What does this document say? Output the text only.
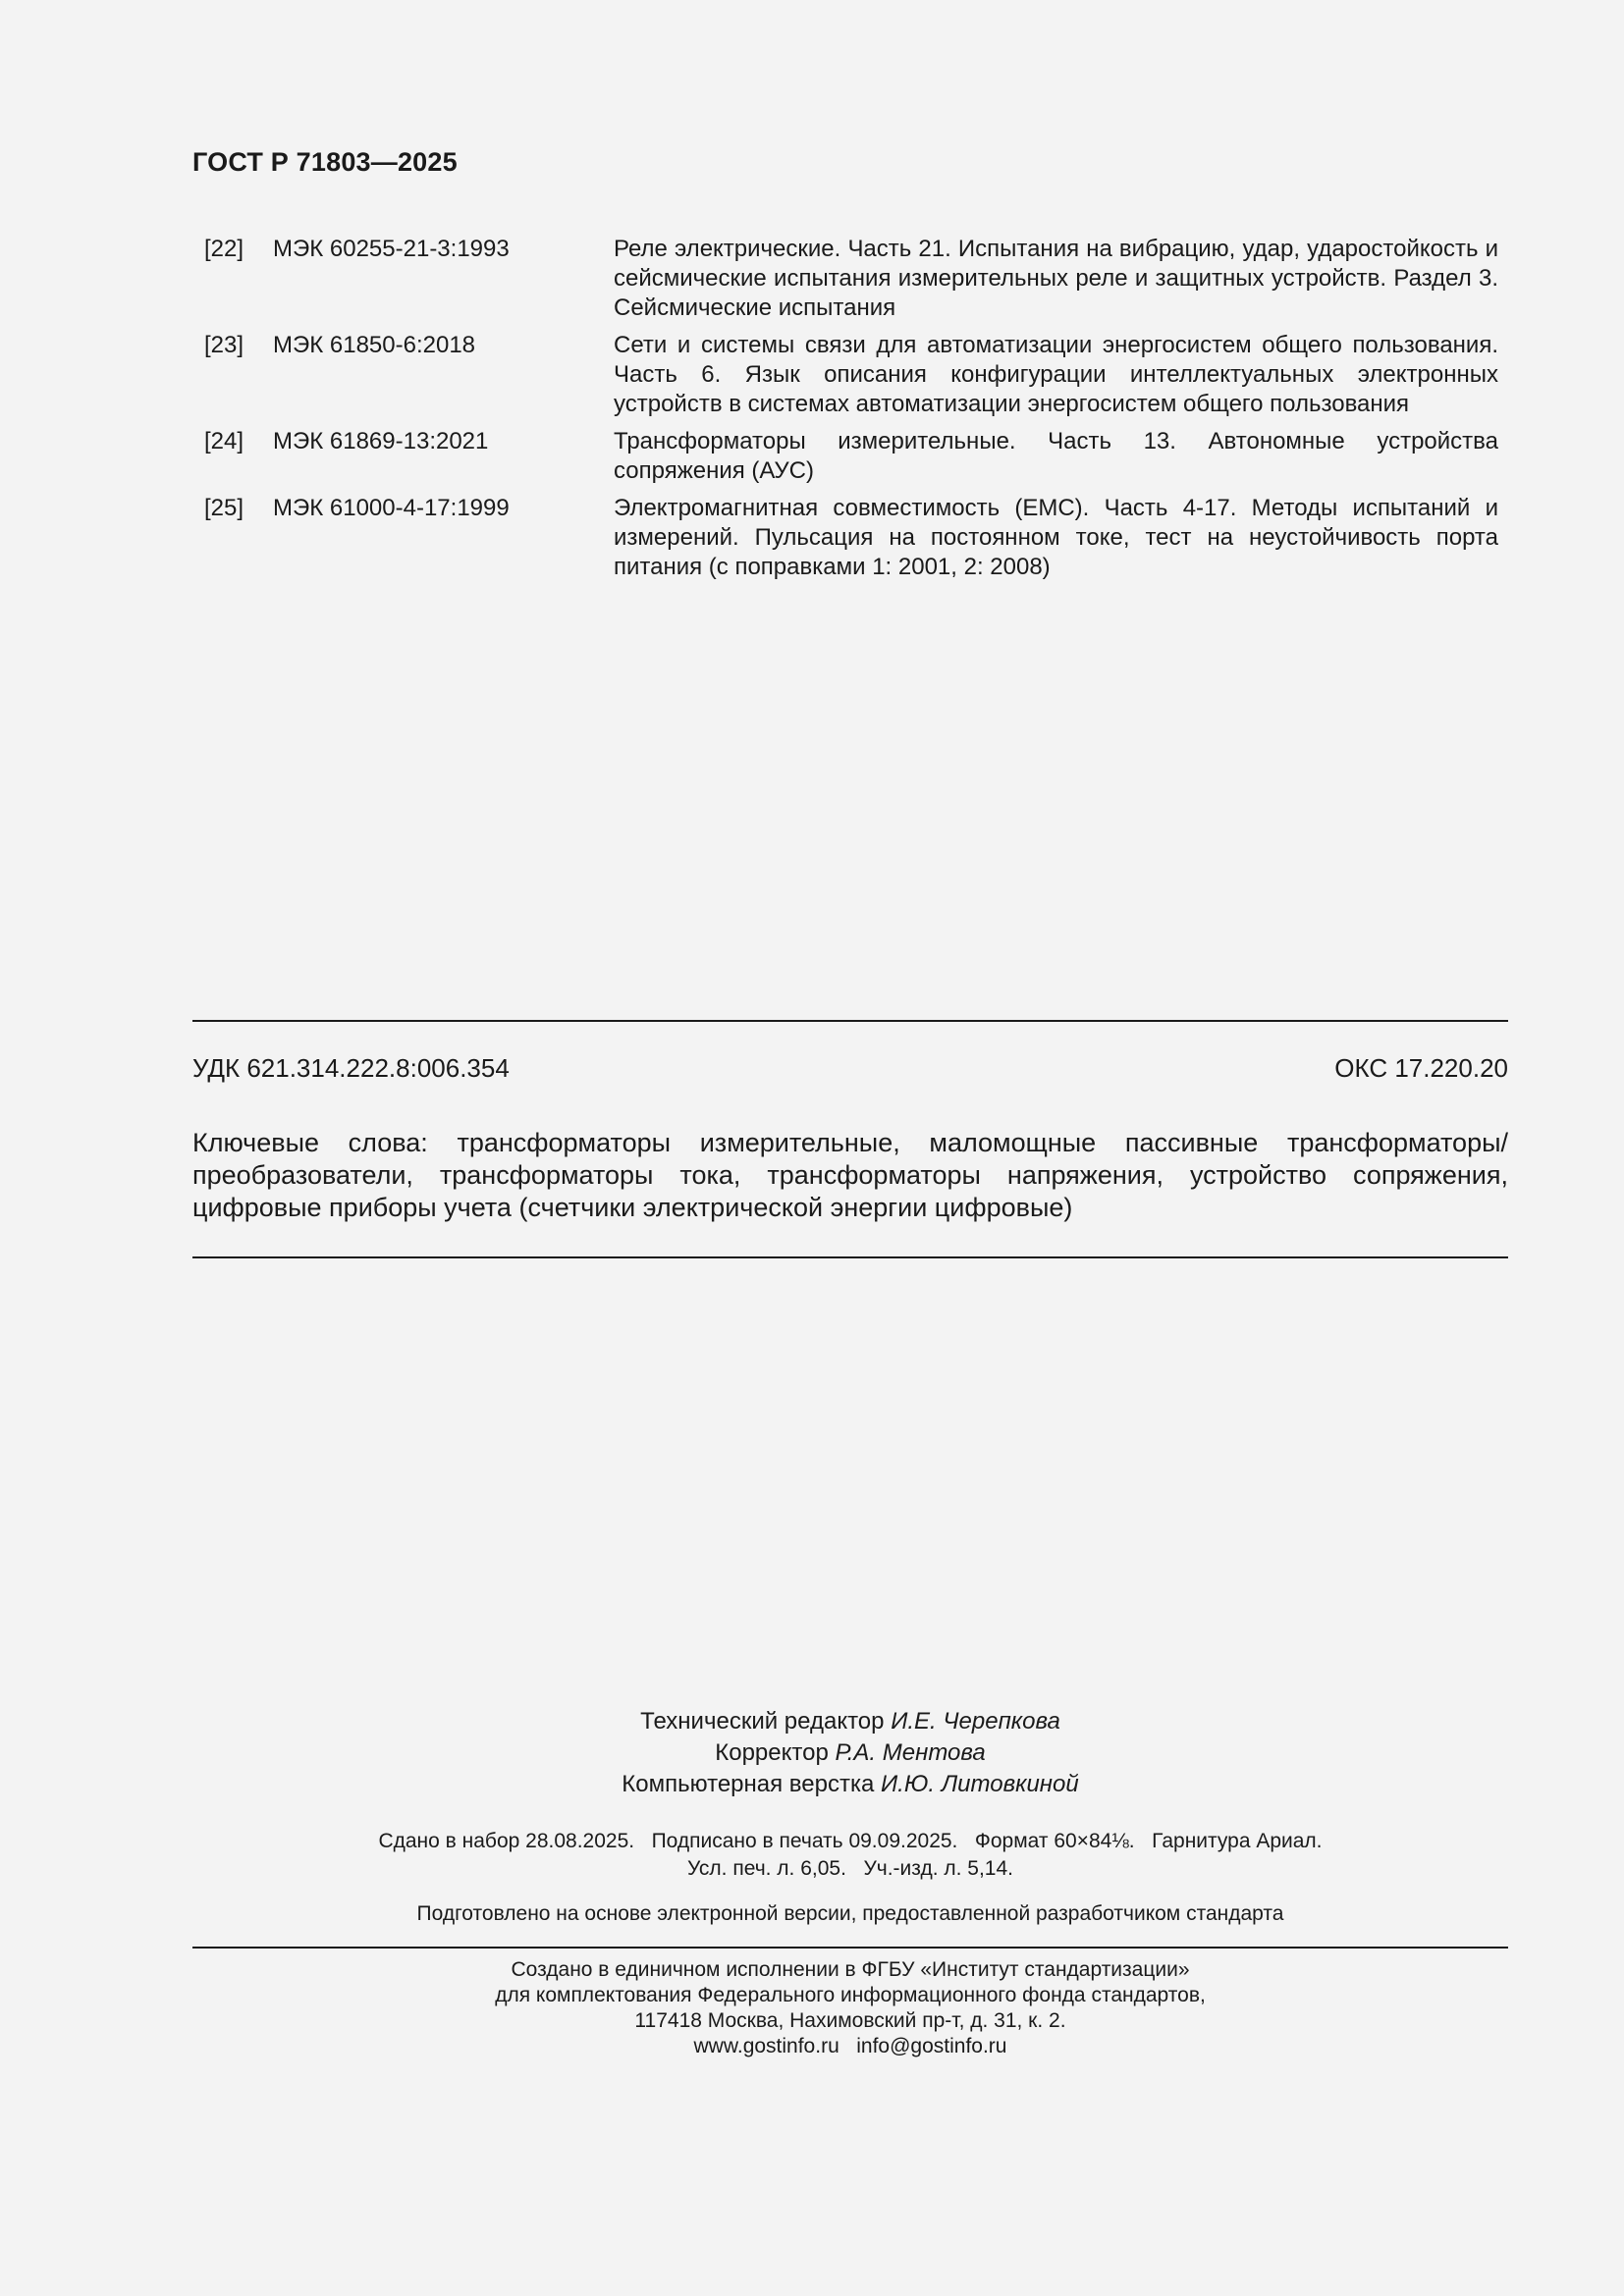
ГОСТ Р 71803—2025
[22] МЭК 60255-21-3:1993	Реле электрические. Часть 21. Испытания на вибрацию, удар, ударостойкость и сейсмические испытания измерительных реле и защитных устройств. Раздел 3. Сейсмические испытания
[23] МЭК 61850-6:2018	Сети и системы связи для автоматизации энергосистем общего пользования. Часть 6. Язык описания конфигурации интеллектуальных электронных устройств в системах автоматизации энергосистем общего пользования
[24] МЭК 61869-13:2021	Трансформаторы измерительные. Часть 13. Автономные устройства сопряжения (АУС)
[25] МЭК 61000-4-17:1999	Электромагнитная совместимость (ЕМС). Часть 4-17. Методы испытаний и измерений. Пульсация на постоянном токе, тест на неустойчивость порта питания (с поправками 1: 2001, 2: 2008)
УДК 621.314.222.8:006.354	ОКС 17.220.20
Ключевые слова: трансформаторы измерительные, маломощные пассивные трансформаторы/преобразователи, трансформаторы тока, трансформаторы напряжения, устройство сопряжения, цифровые приборы учета (счетчики электрической энергии цифровые)
Технический редактор И.Е. Черепкова
Корректор Р.А. Ментова
Компьютерная верстка И.Ю. Литовкиной
Сдано в набор 28.08.2025.   Подписано в печать 09.09.2025.   Формат 60×84⅛.   Гарнитура Ариал.
Усл. печ. л. 6,05.   Уч.-изд. л. 5,14.
Подготовлено на основе электронной версии, предоставленной разработчиком стандарта
Создано в единичном исполнении в ФГБУ «Институт стандартизации»
для комплектования Федерального информационного фонда стандартов,
117418 Москва, Нахимовский пр-т, д. 31, к. 2.
www.gostinfo.ru   info@gostinfo.ru
